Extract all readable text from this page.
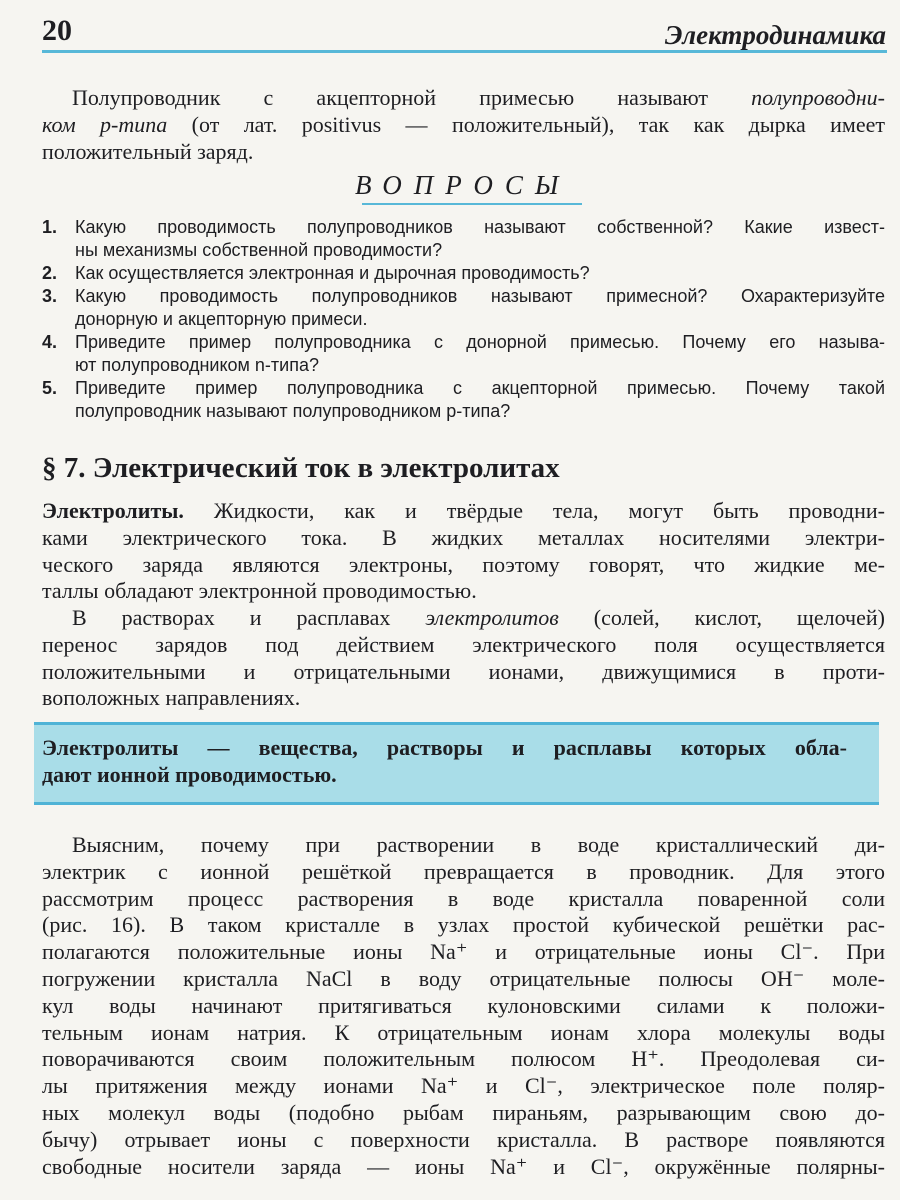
20	Электродинамика
Полупроводник с акцепторной примесью называют полупроводни-
ком p-типа (от лат. positivus — положительный), так как дырка имеет
положительный заряд.
ВОПРОСЫ
1. Какую проводимость полупроводников называют собственной? Какие извест-
ны механизмы собственной проводимости?
2. Как осуществляется электронная и дырочная проводимость?
3. Какую проводимость полупроводников называют примесной? Охарактеризуйте
донорную и акцепторную примеси.
4. Приведите пример полупроводника с донорной примесью. Почему его называ-
ют полупроводником n-типа?
5. Приведите пример полупроводника с акцепторной примесью. Почему такой
полупроводник называют полупроводником p-типа?
§ 7. Электрический ток в электролитах
Электролиты. Жидкости, как и твёрдые тела, могут быть проводни-
ками электрического тока. В жидких металлах носителями электри-
ческого заряда являются электроны, поэтому говорят, что жидкие ме-
таллы обладают электронной проводимостью.
В растворах и расплавах электролитов (солей, кислот, щелочей)
перенос зарядов под действием электрического поля осуществляется
положительными и отрицательными ионами, движущимися в проти-
воположных направлениях.
Электролиты — вещества, растворы и расплавы которых обла-
дают ионной проводимостью.
Выясним, почему при растворении в воде кристаллический ди-
электрик с ионной решёткой превращается в проводник. Для этого
рассмотрим процесс растворения в воде кристалла поваренной соли
(рис. 16). В таком кристалле в узлах простой кубической решётки рас-
полагаются положительные ионы Na⁺ и отрицательные ионы Cl⁻. При
погружении кристалла NaCl в воду отрицательные полюсы OH⁻ моле-
кул воды начинают притягиваться кулоновскими силами к положи-
тельным ионам натрия. К отрицательным ионам хлора молекулы воды
поворачиваются своим положительным полюсом H⁺. Преодолевая си-
лы притяжения между ионами Na⁺ и Cl⁻, электрическое поле поляр-
ных молекул воды (подобно рыбам пираньям, разрывающим свою до-
бычу) отрывает ионы с поверхности кристалла. В растворе появляются
свободные носители заряда — ионы Na⁺ и Cl⁻, окружённые полярны-
